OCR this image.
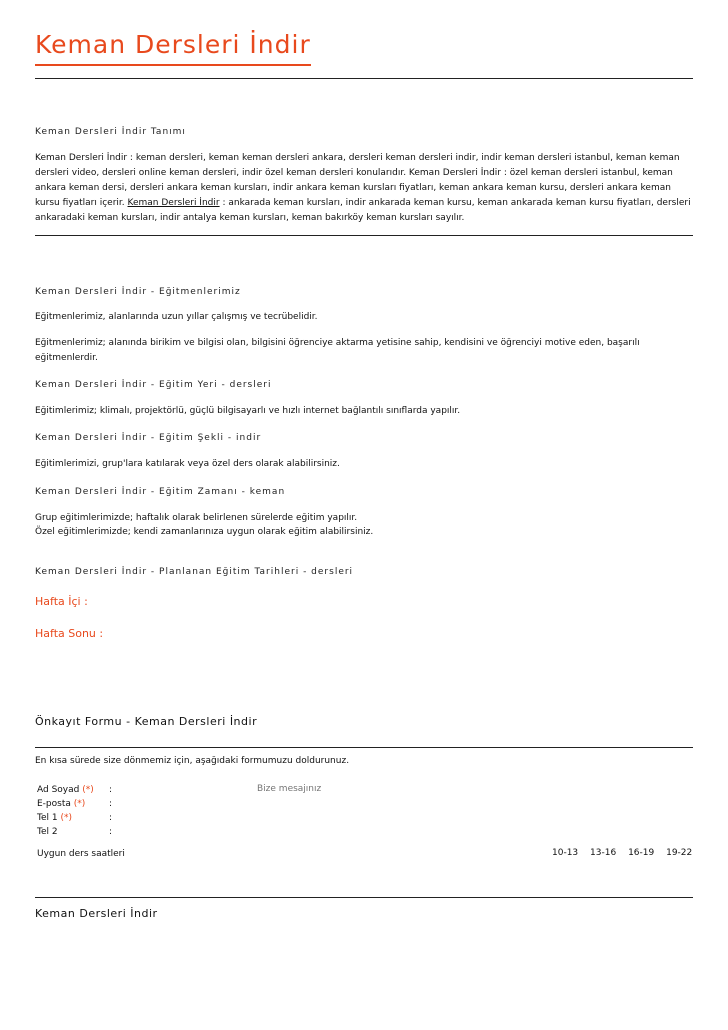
Keman Dersleri İndir
Keman Dersleri İndir Tanımı
Keman Dersleri İndir : keman dersleri, keman keman dersleri ankara, dersleri keman dersleri indir, indir keman dersleri istanbul, keman keman dersleri video, dersleri online keman dersleri, indir özel keman dersleri konularıdır. Keman Dersleri İndir : özel keman dersleri istanbul, keman ankara keman dersi, dersleri ankara keman kursları, indir ankara keman kursları fiyatları, keman ankara keman kursu, dersleri ankara keman kursu fiyatları içerir. Keman Dersleri İndir : ankarada keman kursları, indir ankarada keman kursu, keman ankarada keman kursu fiyatları, dersleri ankaradaki keman kursları, indir antalya keman kursları, keman bakırköy keman kursları sayılır.
Keman Dersleri İndir - Eğitmenlerimiz
Eğitmenlerimiz, alanlarında uzun yıllar çalışmış ve tecrübelidir.
Eğitmenlerimiz; alanında birikim ve bilgisi olan, bilgisini öğrenciye aktarma yetisine sahip, kendisini ve öğrenciyi motive eden, başarılı eğitmenlerdir.
Keman Dersleri İndir - Eğitim Yeri - dersleri
Eğitimlerimiz; klimalı, projektörlü, güçlü bilgisayarlı ve hızlı internet bağlantılı sınıflarda yapılır.
Keman Dersleri İndir - Eğitim Şekli - indir
Eğitimlerimizi, grup'lara katılarak veya özel ders olarak alabilirsiniz.
Keman Dersleri İndir - Eğitim Zamanı - keman
Grup eğitimlerimizde; haftalık olarak belirlenen sürelerde eğitim yapılır.
Özel eğitimlerimizde; kendi zamanlarınıza uygun olarak eğitim alabilirsiniz.
Keman Dersleri İndir - Planlanan Eğitim Tarihleri - dersleri
Hafta İçi :
Hafta Sonu :
Önkayıt Formu - Keman Dersleri İndir
En kısa sürede size dönmemiz için, aşağıdaki formumuzu doldurunuz.
Ad Soyad (*) :
E-posta (*)	:
Tel 1 (*)	:
Tel 2	:
Bize mesajınız
Uygun ders saatleri	10-13 13-16 16-19 19-22
Keman Dersleri İndir
